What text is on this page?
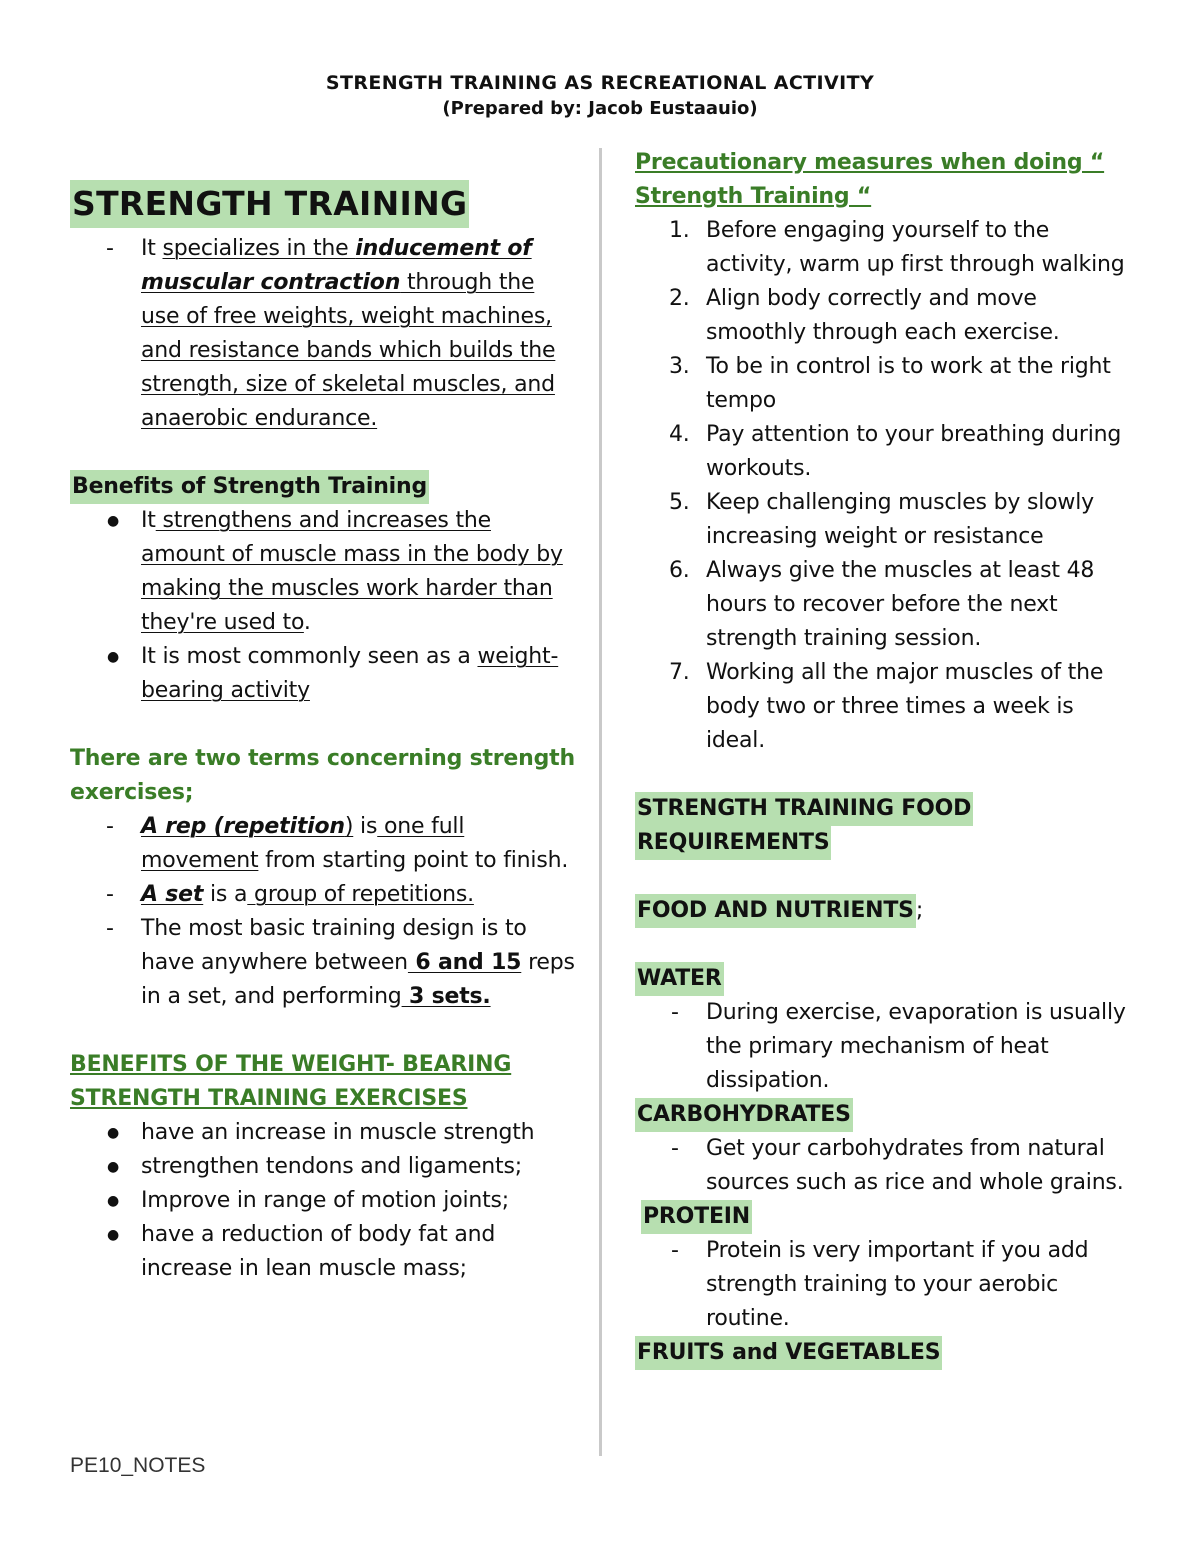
STRENGTH TRAINING AS RECREATIONAL ACTIVITY
(Prepared by: Jacob Eustaauio)
STRENGTH TRAINING
- It specializes in the inducement of muscular contraction through the use of free weights, weight machines, and resistance bands which builds the strength, size of skeletal muscles, and anaerobic endurance.
Benefits of Strength Training
● It strengthens and increases the amount of muscle mass in the body by making the muscles work harder than they're used to.
● It is most commonly seen as a weight- bearing activity
There are two terms concerning strength exercises;
- A rep (repetition) is one full movement from starting point to finish.
- A set is a group of repetitions.
- The most basic training design is to have anywhere between 6 and 15 reps in a set, and performing 3 sets.
BENEFITS OF THE WEIGHT- BEARING STRENGTH TRAINING EXERCISES
● have an increase in muscle strength
● strengthen tendons and ligaments;
● Improve in range of motion joints;
● have a reduction of body fat and increase in lean muscle mass;
Precautionary measures when doing “ Strength Training “
1. Before engaging yourself to the activity, warm up first through walking
2. Align body correctly and move smoothly through each exercise.
3. To be in control is to work at the right tempo
4. Pay attention to your breathing during workouts.
5. Keep challenging muscles by slowly increasing weight or resistance
6. Always give the muscles at least 48 hours to recover before the next strength training session.
7. Working all the major muscles of the body two or three times a week is ideal.
STRENGTH TRAINING FOOD
REQUIREMENTS
FOOD AND NUTRIENTS;
WATER
- During exercise, evaporation is usually the primary mechanism of heat dissipation.
CARBOHYDRATES
- Get your carbohydrates from natural sources such as rice and whole grains.
PROTEIN
- Protein is very important if you add strength training to your aerobic routine.
FRUITS and VEGETABLES
PE10_NOTES
